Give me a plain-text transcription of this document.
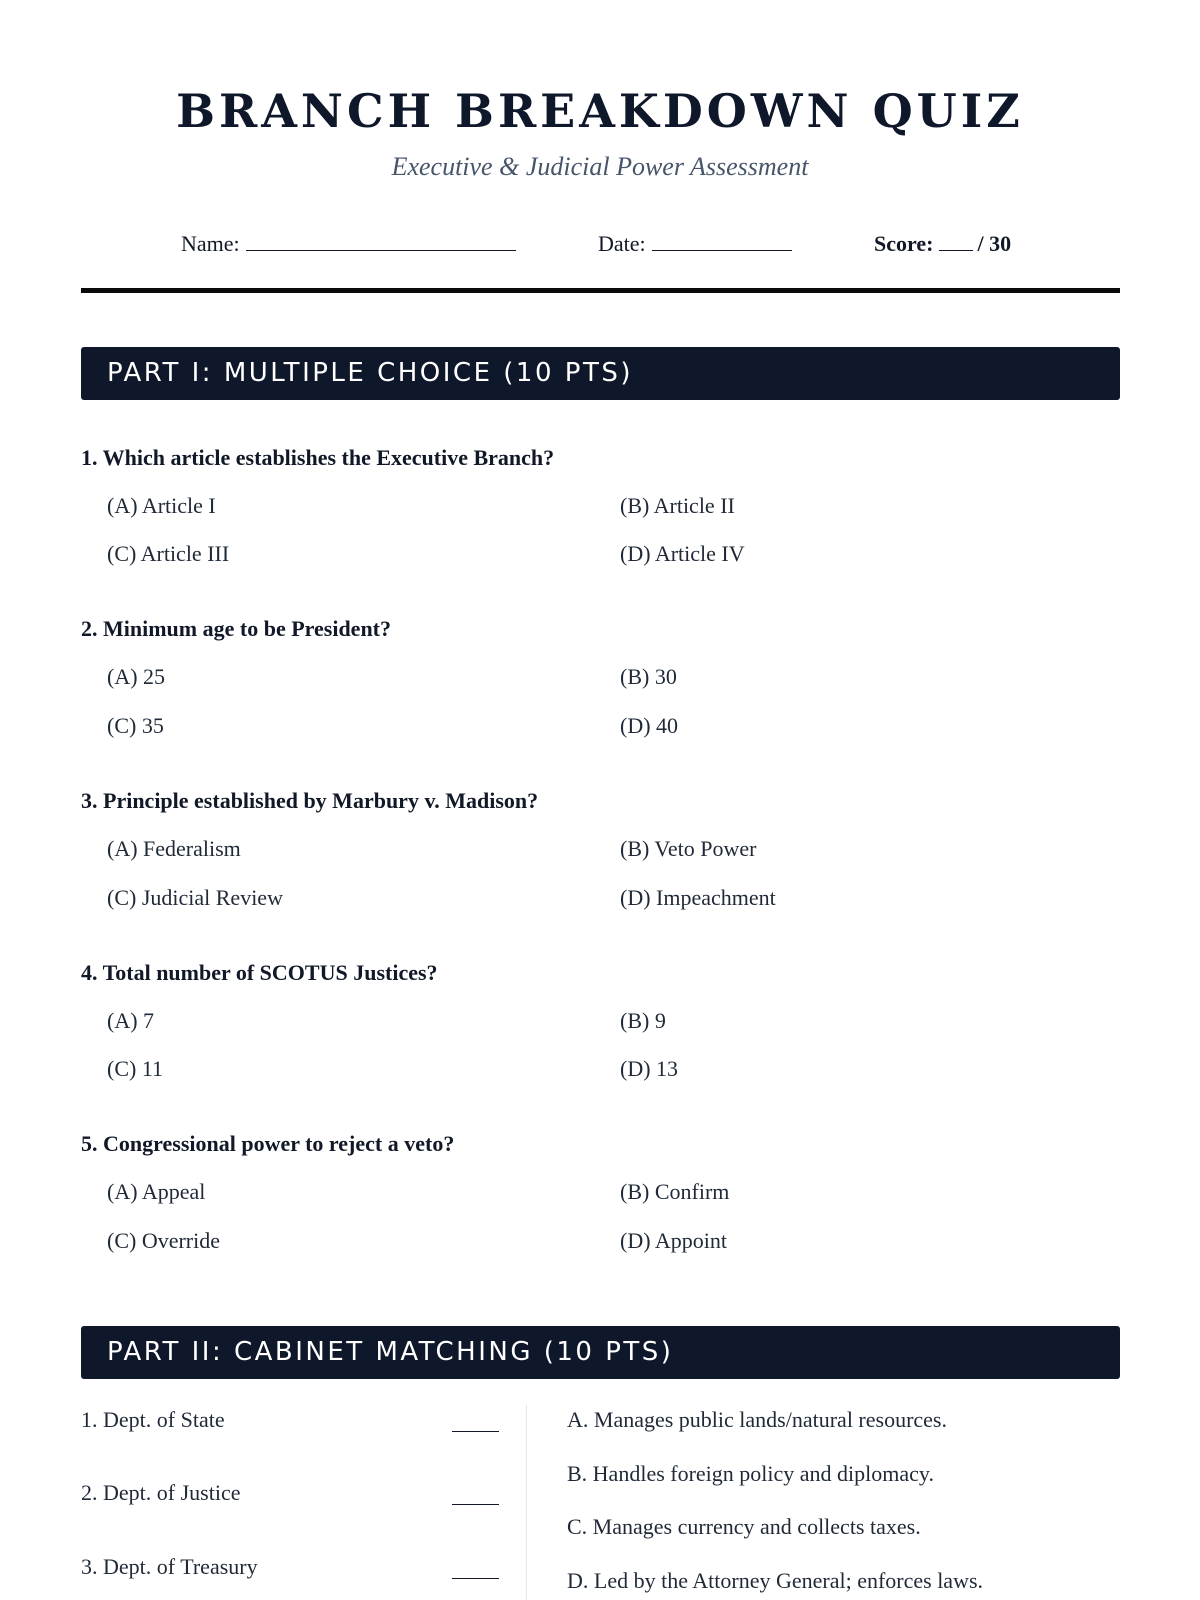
BRANCH BREAKDOWN QUIZ
Executive & Judicial Power Assessment
Name:	Date:	Score: / 30
PART I: MULTIPLE CHOICE (10 PTS)
1. Which article establishes the Executive Branch?
(A) Article I	(B) Article II
(C) Article III	(D) Article IV
2. Minimum age to be President?
(A) 25	(B) 30
(C) 35	(D) 40
3. Principle established by Marbury v. Madison?
(A) Federalism	(B) Veto Power
(C) Judicial Review	(D) Impeachment
4. Total number of SCOTUS Justices?
(A) 7	(B) 9
(C) 11	(D) 13
5. Congressional power to reject a veto?
(A) Appeal	(B) Confirm
(C) Override	(D) Appoint
PART II: CABINET MATCHING (10 PTS)
1. Dept. of State
2. Dept. of Justice
3. Dept. of Treasury
A. Manages public lands/natural resources.
B. Handles foreign policy and diplomacy.
C. Manages currency and collects taxes.
D. Led by the Attorney General; enforces laws.
